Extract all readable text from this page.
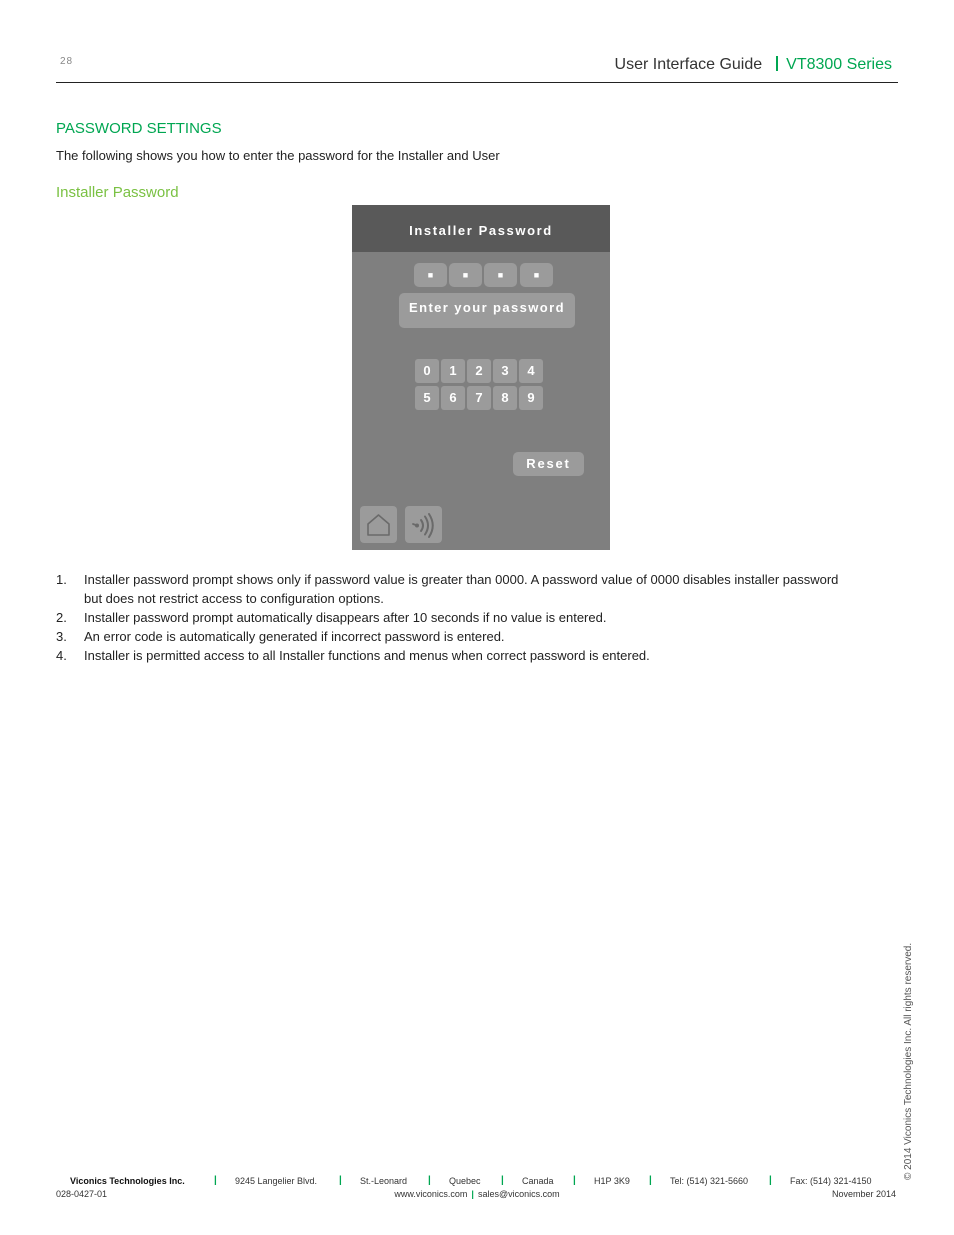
28	User Interface Guide VT8300 Series
PASSWORD SETTINGS
The following shows you how to enter the password for the Installer and User
Installer Password
Installer Password
■	■	■	■
Enter your password
0	1	2	3	4
5	6	7	8	9
Reset
1. Installer password prompt shows only if password value is greater than 0000. A password value of 0000 disables installer password but does not restrict access to configuration options.
2. Installer password prompt automatically disappears after 10 seconds if no value is entered.
3. An error code is automatically generated if incorrect password is entered.
4. Installer is permitted access to all Installer functions and menus when correct password is entered.
© 2014 Viconics Technologies Inc. All rights reserved.
Viconics Technologies Inc.	| 9245 Langelier Blvd. | St.-Leonard | Quebec | Canada | H1P 3K9 | Tel: (514) 321-5660 | Fax: (514) 321-4150
028-0427-01	www.viconics.com | sales@viconics.com	November 2014
